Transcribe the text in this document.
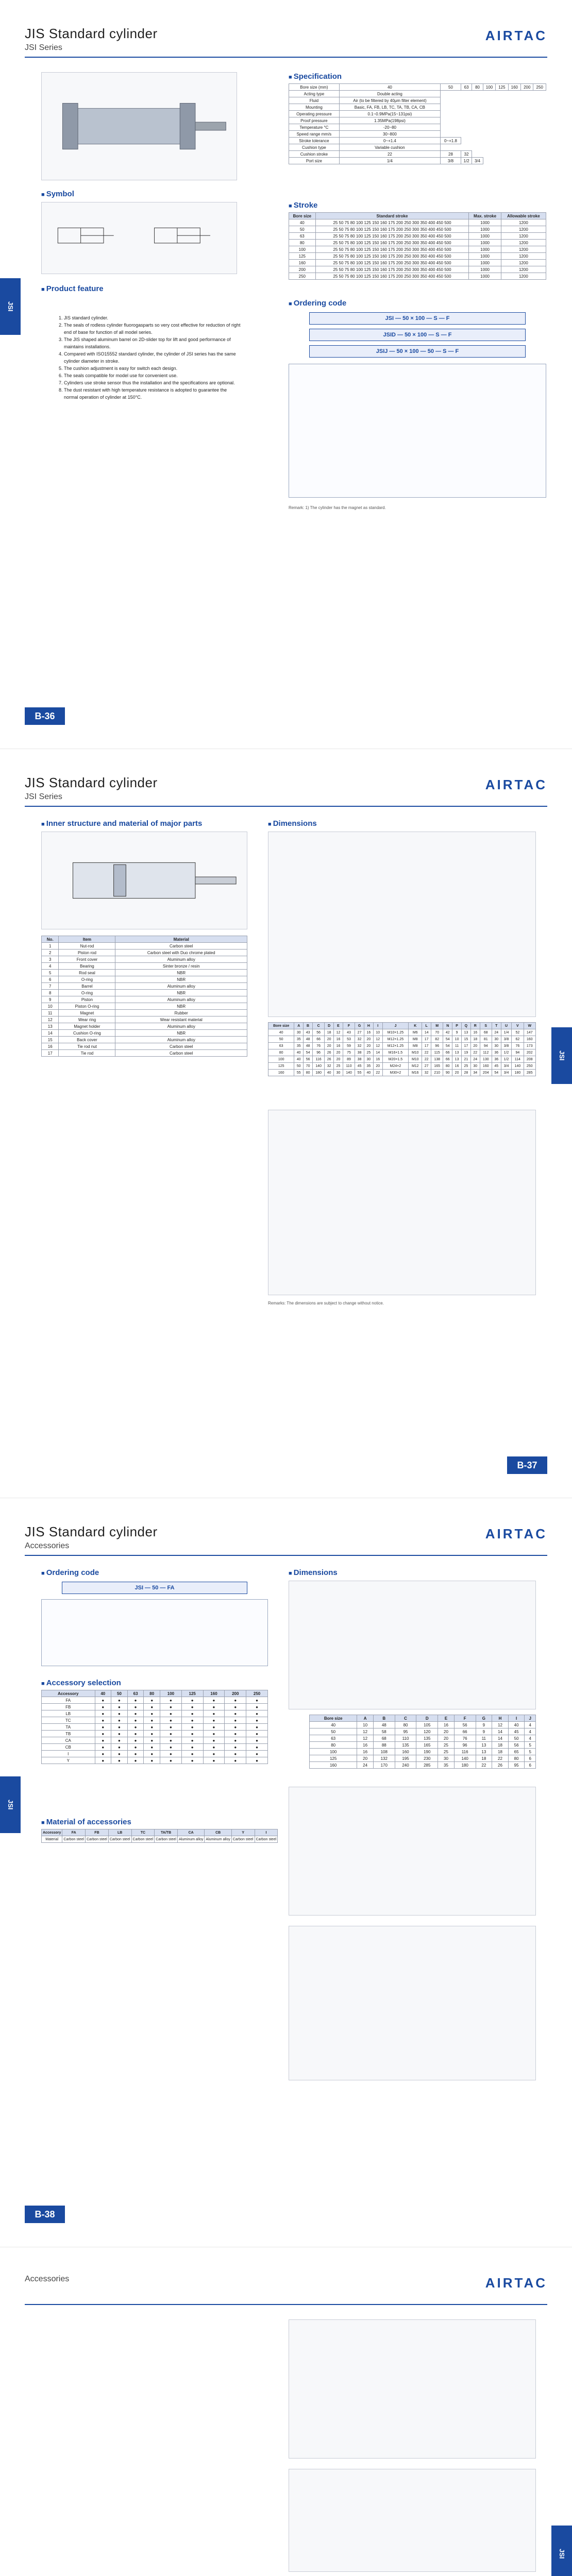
JIS Standard cylinder
JSI Series
AIRTAC
■ Symbol
■ Product feature
1. JIS standard cylinder.
2. The seals of rodless cylinder fluorogasparts so very cost effective for reduction of right end of base for function of all model series.
3. The JIS shaped aluminum barrel on 2D-slider top for lift and good performance of maintains installations.
4. Compared with ISO15552 standard cylinder, the cylinder of JSI series has the same cylinder diameter in stroke.
5. The cushion adjustment is easy for switch each design.
6. The seals compatible for model use for convenient use.
7. Cylinders use stroke sensor thus the installation and the specifications are optional.
8. The dust resistant with high temperature resistance is adopted to guarantee the normal operation of cylinder at 150°C.
■ Specification
Bore size (mm)	40	50	63	80	100	125	160	200	250
Acting type	Double acting								
Fluid	Air (to be filtered by 40μm filter element)								
Mounting	Basic, FA, FB, LB, TC, TA, TB, CA, CB								
Operating pressure	0.1~0.9MPa(15~131psi)								
Proof pressure	1.35MPa(198psi)								
Temperature °C	-20~80								
Speed range mm/s	30~800								
Stroke tolerance	0~+1.4	0~+1.8							
Cushion type	Variable cushion								
Cushion stroke	22	28	32						
Port size	1/4	3/8	1/2	3/4					
■ Stroke
Bore size	Standard stroke	Max. stroke	Allowable stroke
40	25 50 75 80 100 125 150 160 175 200 250 300 350 400 450 500	1000	1200
50	25 50 75 80 100 125 150 160 175 200 250 300 350 400 450 500	1000	1200
63	25 50 75 80 100 125 150 160 175 200 250 300 350 400 450 500	1000	1200
80	25 50 75 80 100 125 150 160 175 200 250 300 350 400 450 500	1000	1200
100	25 50 75 80 100 125 150 160 175 200 250 300 350 400 450 500	1000	1200
125	25 50 75 80 100 125 150 160 175 200 250 300 350 400 450 500	1000	1200
160	25 50 75 80 100 125 150 160 175 200 250 300 350 400 450 500	1000	1200
200	25 50 75 80 100 125 150 160 175 200 250 300 350 400 450 500	1000	1200
250	25 50 75 80 100 125 150 160 175 200 250 300 350 400 450 500	1000	1200
■ Ordering code
JSI — 50 × 100 — S — F
JSID — 50 × 100 — S — F
JSIJ — 50 × 100 — 50 — S — F
Remark: 1) The cylinder has the magnet as standard.
JSI
B-36
JIS Standard cylinder
JSI Series
AIRTAC
■ Inner structure and material of major parts
No.	Item	Material
1	Nut-rod	Carbon steel
2	Piston rod	Carbon steel with Duo chrome plated
3	Front cover	Aluminum alloy
4	Bearing	Sinter bronze / resin
5	Rod seal	NBR
6	O-ring	NBR
7	Barrel	Aluminum alloy
8	O-ring	NBR
9	Piston	Aluminum alloy
10	Piston O-ring	NBR
11	Magnet	Rubber
12	Wear ring	Wear resistant material
13	Magnet holder	Aluminum alloy
14	Cushion O-ring	NBR
15	Back cover	Aluminum alloy
16	Tie rod nut	Carbon steel
17	Tie rod	Carbon steel
■ Dimensions
Bore size	A	B	C	D	E	F	G	H	I	J	K	L	M	N	P	Q	R	S	T	U	V	W
40	30	43	56	18	12	43	27	16	10	M10×1.25	M6	14	70	42	9	13	16	68	24	1/4	52	147
50	35	48	66	20	16	53	32	20	12	M12×1.25	M8	17	82	54	10	15	18	81	30	3/8	62	160
63	35	48	76	20	16	59	32	20	12	M12×1.25	M8	17	96	54	11	17	20	94	30	3/8	76	173
80	40	54	96	26	20	75	38	25	14	M16×1.5	M10	22	115	66	13	19	22	112	36	1/2	94	202
100	40	56	116	26	20	89	38	30	16	M20×1.5	M10	22	138	66	13	21	24	130	36	1/2	114	208
125	50	70	140	32	25	110	45	35	20	M24×2	M12	27	165	80	16	25	30	160	45	3/4	140	250
160	55	80	180	40	30	140	55	40	22	M30×2	M16	32	210	90	20	28	34	204	54	3/4	180	285
Remarks: The dimensions are subject to change without notice.
JSI
B-37
JIS Standard cylinder
Accessories
AIRTAC
■ Ordering code
JSI — 50 — FA
■ Accessory selection
Accessory	40	50	63	80	100	125	160	200	250
FA	●	●	●	●	●	●	●	●	●
FB	●	●	●	●	●	●	●	●	●
LB	●	●	●	●	●	●	●	●	●
TC	●	●	●	●	●	●	●	●	●
TA	●	●	●	●	●	●	●	●	●
TB	●	●	●	●	●	●	●	●	●
CA	●	●	●	●	●	●	●	●	●
CB	●	●	●	●	●	●	●	●	●
I	●	●	●	●	●	●	●	●	●
Y	●	●	●	●	●	●	●	●	●
■ Material of accessories
Accessory	FA	FB	LB	TC	TA/TB	CA	CB	Y	I
Material	Carbon steel	Carbon steel	Carbon steel	Carbon steel	Carbon steel	Aluminum alloy	Aluminum alloy	Carbon steel	Carbon steel
■ Dimensions
Bore size	A	B	C	D	E	F	G	H	I	J
40	10	48	80	105	16	56	9	12	40	4
50	12	58	95	120	20	66	9	14	45	4
63	12	68	110	135	20	76	11	14	50	4
80	16	88	135	165	25	96	13	18	56	5
100	16	108	160	190	25	116	13	18	65	5
125	20	132	195	230	30	140	18	22	80	6
160	24	170	240	285	35	180	22	26	95	6
JSI
B-38
Accessories	AIRTAC

JSI
